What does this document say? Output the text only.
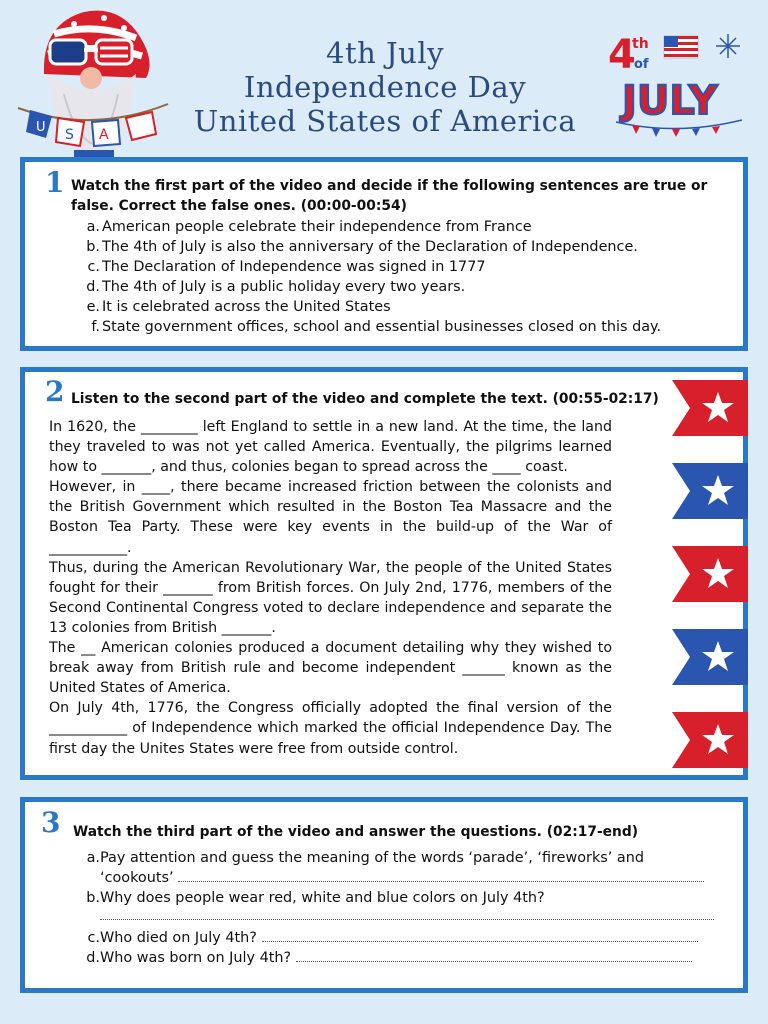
U S A
4th July
Independence Day
United States of America
4
th
of
JULY
1 Watch the first part of the video and decide if the following sentences are true or false. Correct the false ones. (00:00-00:54)
a. American people celebrate their independence from France
b. The 4th of July is also the anniversary of the Declaration of Independence.
c. The Declaration of Independence was signed in 1777
d. The 4th of July is a public holiday every two years.
e. It is celebrated across the United States
f. State government offices, school and essential businesses closed on this day.
2 Listen to the second part of the video and complete the text. (00:55-02:17)

In 1620, the ________ left England to settle in a new land. At the time, the land they traveled to was not yet called America. Eventually, the pilgrims learned how to _______, and thus, colonies began to spread across the ____ coast.

However, in ____, there became increased friction between the colonists and the British Government which resulted in the Boston Tea Massacre and the Boston Tea Party. These were key events in the build-up of the War of ___________.

Thus, during the American Revolutionary War, the people of the United States fought for their _______ from British forces. On July 2nd, 1776, members of the Second Continental Congress voted to declare independence and separate the 13 colonies from British _______.

The __ American colonies produced a document detailing why they wished to break away from British rule and become independent ______ known as the United States of America.

On July 4th, 1776, the Congress officially adopted the final version of the ___________ of Independence which marked the official Independence Day. The first day the Unites States were free from outside control.

3 Watch the third part of the video and answer the questions. (02:17-end)
a.Pay attention and guess the meaning of the words ‘parade’, ‘fireworks’ and
‘cookouts’
b.Why does people wear red, white and blue colors on July 4th?
c.Who died on July 4th?
d.Who was born on July 4th?
